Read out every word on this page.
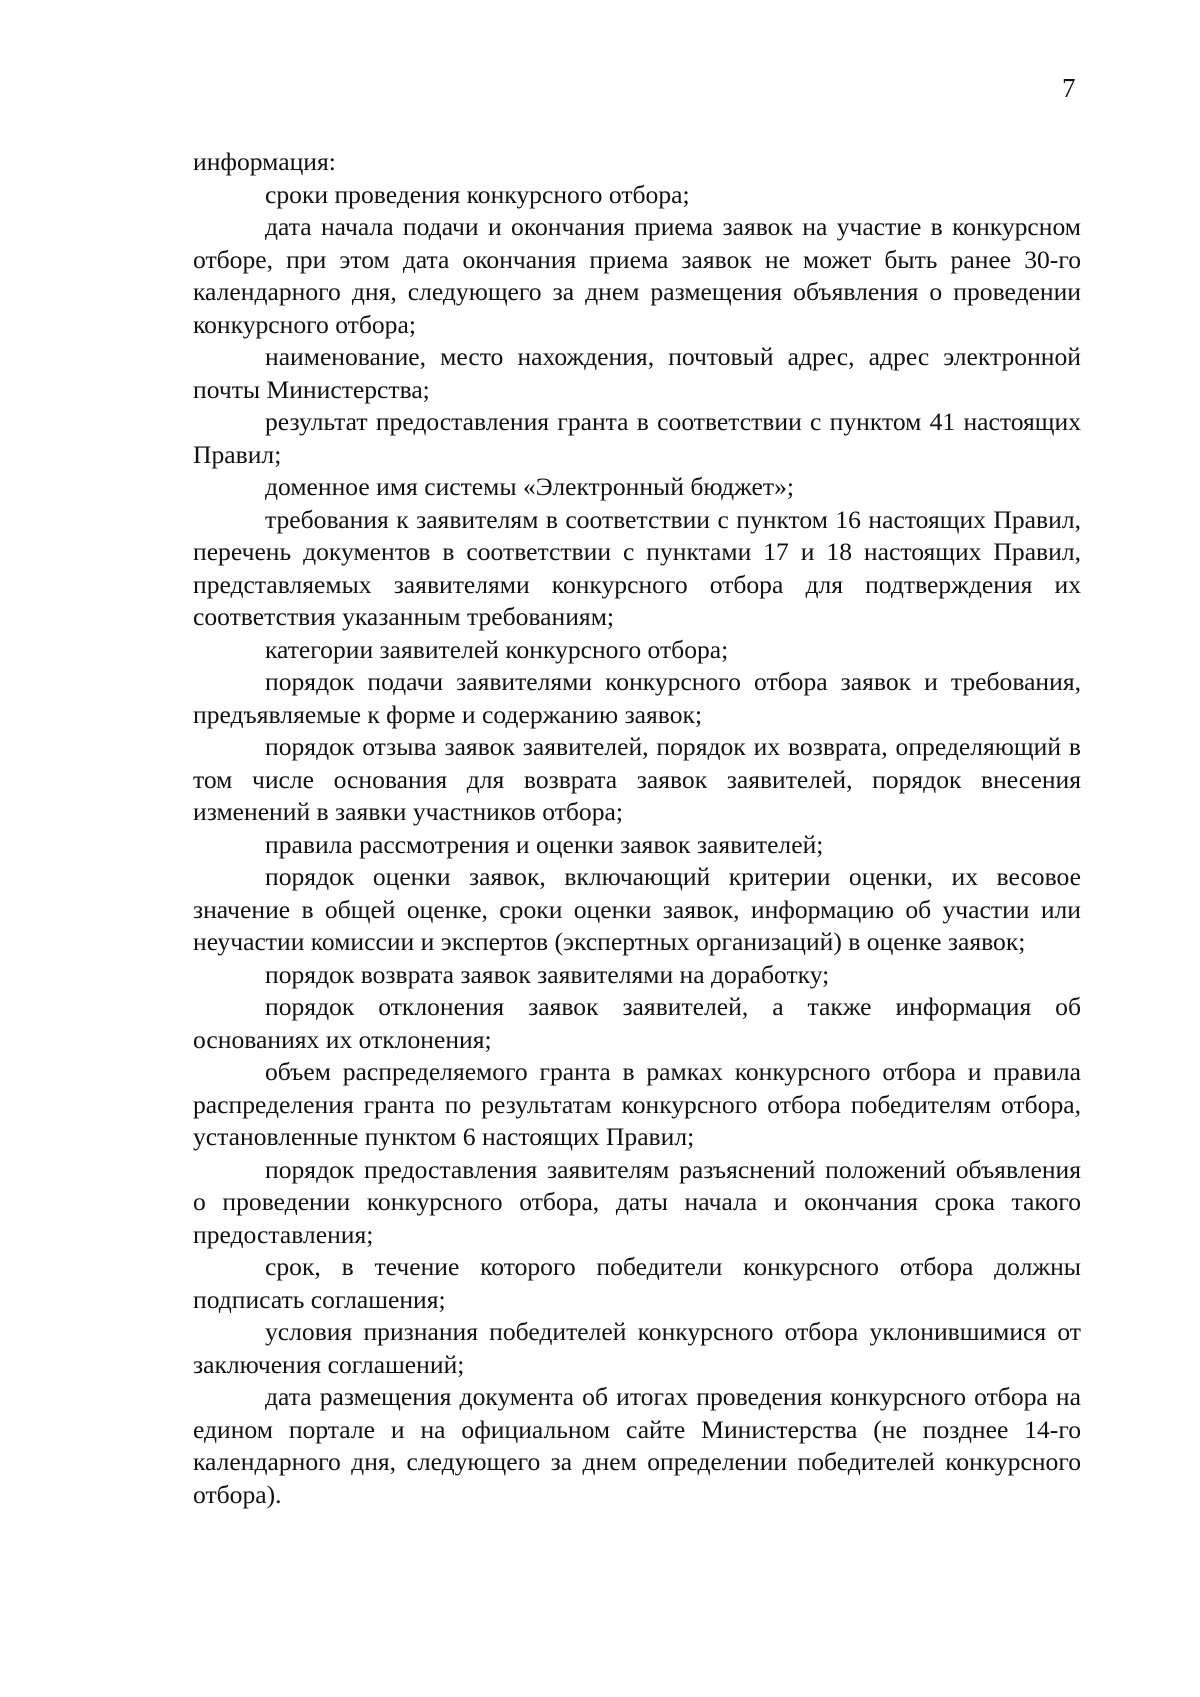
7

информация:

сроки проведения конкурсного отбора;

дата начала подачи и окончания приема заявок на участие в конкурсном отборе, при этом дата окончания приема заявок не может быть ранее 30-го календарного дня, следующего за днем размещения объявления о проведении конкурсного отбора;

наименование, место нахождения, почтовый адрес, адрес электронной почты Министерства;

результат предоставления гранта в соответствии с пунктом 41 настоящих Правил;

доменное имя системы «Электронный бюджет»;

требования к заявителям в соответствии с пунктом 16 настоящих Правил, перечень документов в соответствии с пунктами 17 и 18 настоящих Правил, представляемых заявителями конкурсного отбора для подтверждения их соответствия указанным требованиям;

категории заявителей конкурсного отбора;

порядок подачи заявителями конкурсного отбора заявок и требования, предъявляемые к форме и содержанию заявок;

порядок отзыва заявок заявителей, порядок их возврата, определяющий в том числе основания для возврата заявок заявителей, порядок внесения изменений в заявки участников отбора;

правила рассмотрения и оценки заявок заявителей;

порядок оценки заявок, включающий критерии оценки, их весовое значение в общей оценке, сроки оценки заявок, информацию об участии или неучастии комиссии и экспертов (экспертных организаций) в оценке заявок;

порядок возврата заявок заявителями на доработку;

порядок отклонения заявок заявителей, а также информация об основаниях их отклонения;

объем распределяемого гранта в рамках конкурсного отбора и правила распределения гранта по результатам конкурсного отбора победителям отбора, установленные пунктом 6 настоящих Правил;

порядок предоставления заявителям разъяснений положений объявления о проведении конкурсного отбора, даты начала и окончания срока такого предоставления;

срок, в течение которого победители конкурсного отбора должны подписать соглашения;

условия признания победителей конкурсного отбора уклонившимися от заключения соглашений;

дата размещения документа об итогах проведения конкурсного отбора на едином портале и на официальном сайте Министерства (не позднее 14-го календарного дня, следующего за днем определении победителей конкурсного отбора).
